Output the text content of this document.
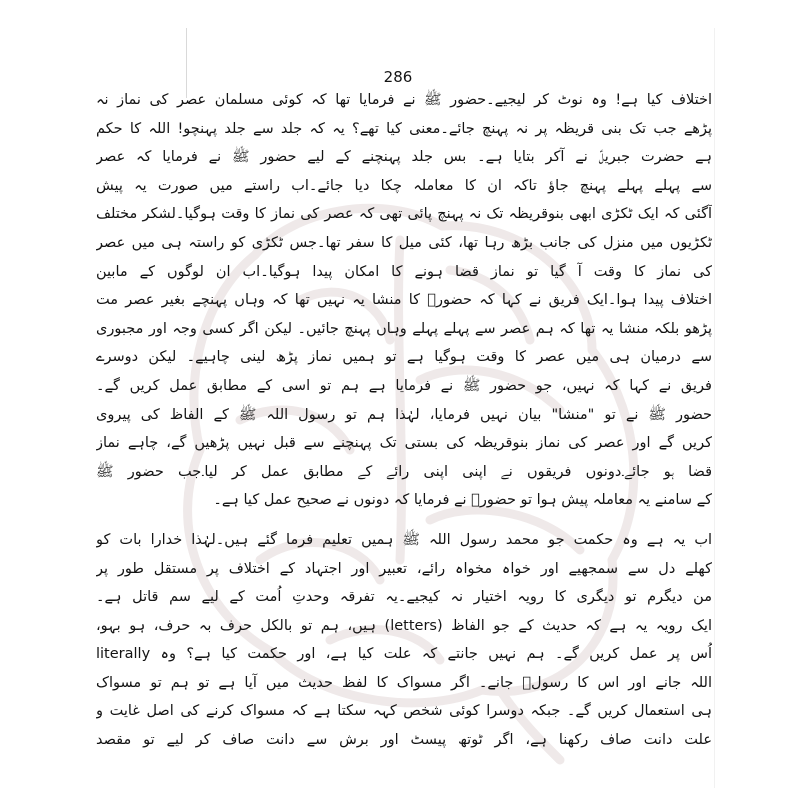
286
اختلاف کیا ہے! وہ نوٹ کر لیجیے۔حضور ﷺ نے فرمایا تھا کہ کوئی مسلمان عصر کی نماز نہ
پڑھے جب تک بنی قریظہ پر نہ پہنچ جائے۔معنی کیا تھے؟ یہ کہ جلد سے جلد پہنچو! اللہ کا حکم
ہے حضرت جبریلؑ نے آکر بتایا ہے۔ بس جلد پہنچنے کے لیے حضور ﷺ نے فرمایا کہ عصر
سے پہلے پہلے پہنچ جاؤ تاکہ ان کا معاملہ چکا دیا جائے۔اب راستے میں صورت یہ پیش
آگئی کہ ایک ٹکڑی ابھی بنوقریظہ تک نہ پہنچ پائی تھی کہ عصر کی نماز کا وقت ہوگیا۔لشکر مختلف
ٹکڑیوں میں منزل کی جانب بڑھ رہا تھا، کئی میل کا سفر تھا۔جس ٹکڑی کو راستہ ہی میں عصر
کی نماز کا وقت آ گیا تو نماز قضا ہونے کا امکان پیدا ہوگیا۔اب ان لوگوں کے مابین
اختلاف پیدا ہوا۔ایک فریق نے کہا کہ حضورؐ کا منشا یہ نہیں تھا کہ وہاں پہنچے بغیر عصر مت
پڑھو بلکہ منشا یہ تھا کہ ہم عصر سے پہلے پہلے وہاں پہنچ جائیں۔ لیکن اگر کسی وجہ اور مجبوری
سے درمیان ہی میں عصر کا وقت ہوگیا ہے تو ہمیں نماز پڑھ لینی چاہیے۔ لیکن دوسرے
فریق نے کہا کہ نہیں، جو حضور ﷺ نے فرمایا ہے ہم تو اسی کے مطابق عمل کریں گے۔
حضور ﷺ نے تو "منشا" بیان نہیں فرمایا، لہٰذا ہم تو رسول اللہ ﷺ کے الفاظ کی پیروی
کریں گے اور عصر کی نماز بنوقریظہ کی بستی تک پہنچنے سے قبل نہیں پڑھیں گے، چاہے نماز
قضا ہو جائے۔دونوں فریقوں نے اپنی اپنی رائے کے مطابق عمل کر لیا۔جب حضور ﷺ
کے سامنے یہ معاملہ پیش ہوا تو حضورؐ نے فرمایا کہ دونوں نے صحیح عمل کیا ہے۔
اب یہ ہے وہ حکمت جو محمد رسول اللہ ﷺ ہمیں تعلیم فرما گئے ہیں۔لہٰذا خدارا بات کو
کھلے دل سے سمجھیے اور خواہ مخواہ رائے، تعبیر اور اجتہاد کے اختلاف پر مستقل طور پر
من دیگرم تو دیگری کا رویہ اختیار نہ کیجیے۔یہ تفرقہ وحدتِ اُمت کے لیے سم قاتل ہے۔
ایک رویہ یہ ہے کہ حدیث کے جو الفاظ (letters) ہیں، ہم تو بالکل حرف بہ حرف، ہو بہو،
literally اُس پر عمل کریں گے۔ ہم نہیں جانتے کہ علت کیا ہے، اور حکمت کیا ہے؟ وہ
اللہ جانے اور اس کا رسولؐ جانے۔ اگر مسواک کا لفظ حدیث میں آیا ہے تو ہم تو مسواک
ہی استعمال کریں گے۔ جبکہ دوسرا کوئی شخص کہہ سکتا ہے کہ مسواک کرنے کی اصل غایت و
علت دانت صاف رکھنا ہے، اگر ٹوتھ پیسٹ اور برش سے دانت صاف کر لیے تو مقصد
